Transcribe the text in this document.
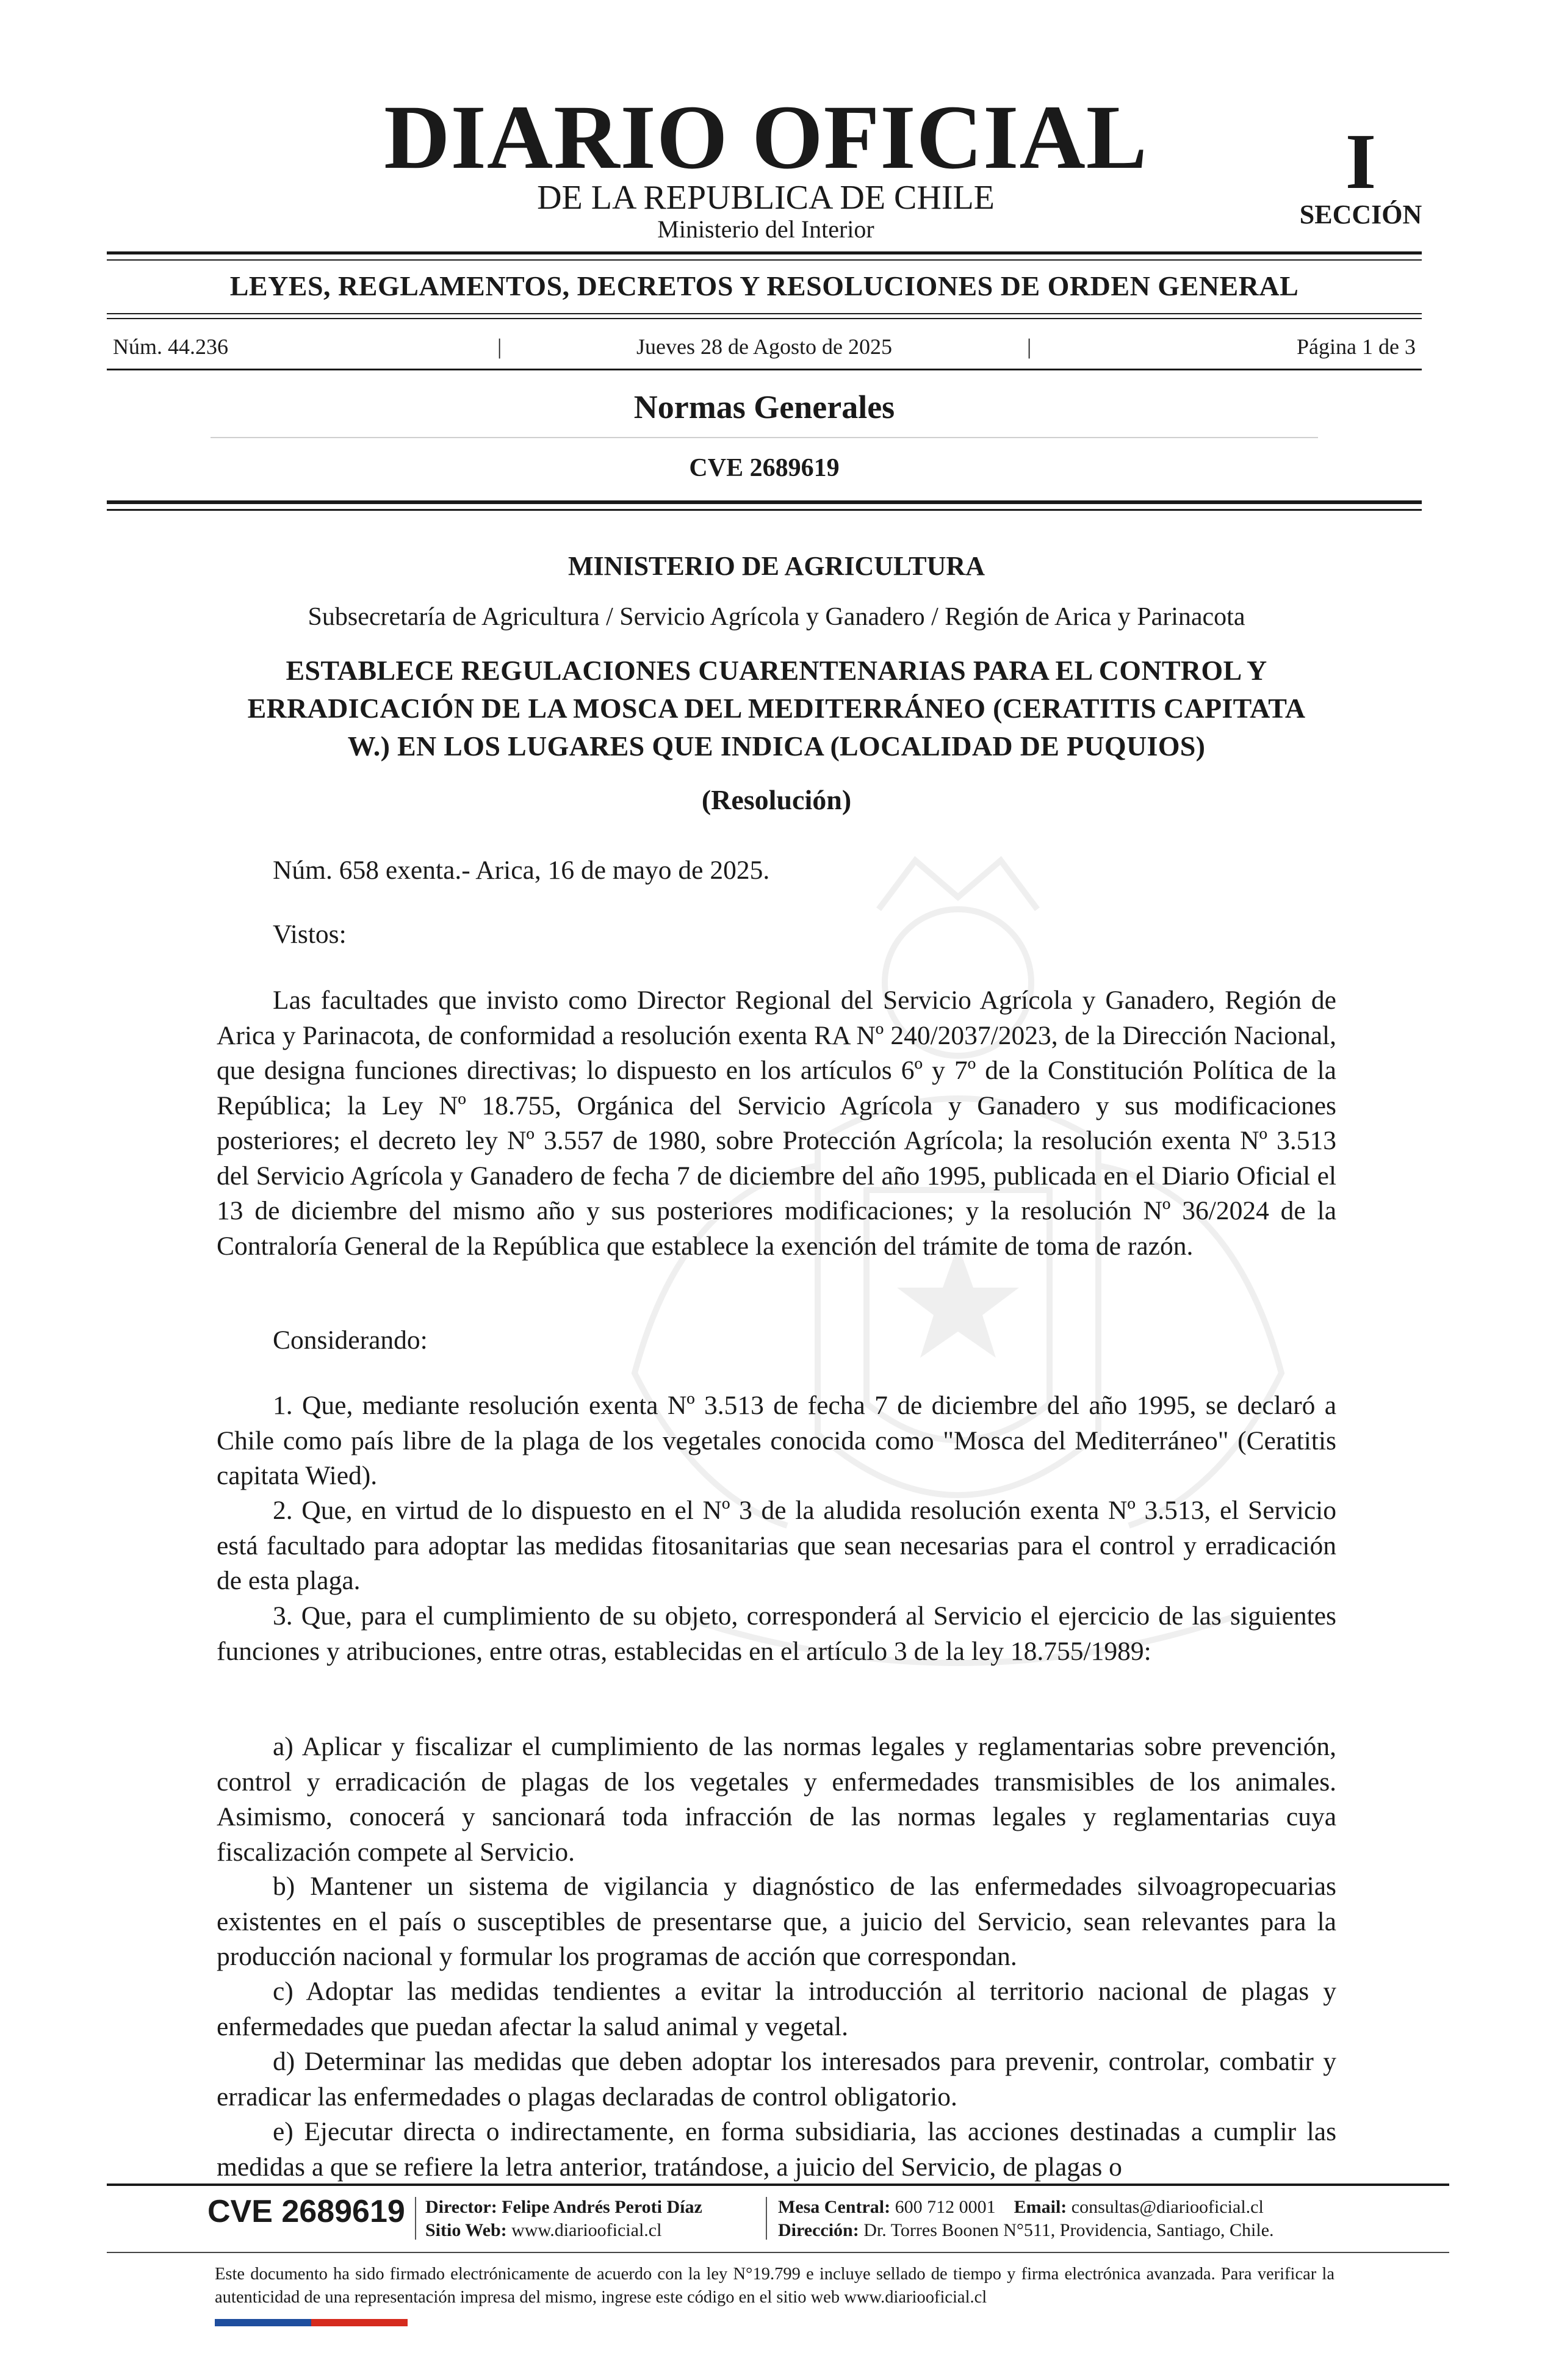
DIARIO OFICIAL
DE LA REPUBLICA DE CHILE
Ministerio del Interior
I
SECCIÓN
LEYES, REGLAMENTOS, DECRETOS Y RESOLUCIONES DE ORDEN GENERAL
Núm. 44.236	|	Jueves 28 de Agosto de 2025	|	Página 1 de 3
Normas Generales
CVE 2689619
MINISTERIO DE AGRICULTURA
Subsecretaría de Agricultura / Servicio Agrícola y Ganadero / Región de Arica y Parinacota
ESTABLECE REGULACIONES CUARENTENARIAS PARA EL CONTROL Y
ERRADICACIÓN DE LA MOSCA DEL MEDITERRÁNEO (CERATITIS CAPITATA
W.) EN LOS LUGARES QUE INDICA (LOCALIDAD DE PUQUIOS)
(Resolución)

Núm. 658 exenta.- Arica, 16 de mayo de 2025.

Vistos:

Las facultades que invisto como Director Regional del Servicio Agrícola y Ganadero, Región de Arica y Parinacota, de conformidad a resolución exenta RA Nº 240/2037/2023, de la Dirección Nacional, que designa funciones directivas; lo dispuesto en los artículos 6º y 7º de la Constitución Política de la República; la Ley Nº 18.755, Orgánica del Servicio Agrícola y Ganadero y sus modificaciones posteriores; el decreto ley Nº 3.557 de 1980, sobre Protección Agrícola; la resolución exenta Nº 3.513 del Servicio Agrícola y Ganadero de fecha 7 de diciembre del año 1995, publicada en el Diario Oficial el 13 de diciembre del mismo año y sus posteriores modificaciones; y la resolución Nº 36/2024 de la Contraloría General de la República que establece la exención del trámite de toma de razón.

Considerando:

1. Que, mediante resolución exenta Nº 3.513 de fecha 7 de diciembre del año 1995, se declaró a Chile como país libre de la plaga de los vegetales conocida como "Mosca del Mediterráneo" (Ceratitis capitata Wied).

2. Que, en virtud de lo dispuesto en el Nº 3 de la aludida resolución exenta Nº 3.513, el Servicio está facultado para adoptar las medidas fitosanitarias que sean necesarias para el control y erradicación de esta plaga.

3. Que, para el cumplimiento de su objeto, corresponderá al Servicio el ejercicio de las siguientes funciones y atribuciones, entre otras, establecidas en el artículo 3 de la ley 18.755/1989:

a) Aplicar y fiscalizar el cumplimiento de las normas legales y reglamentarias sobre prevención, control y erradicación de plagas de los vegetales y enfermedades transmisibles de los animales. Asimismo, conocerá y sancionará toda infracción de las normas legales y reglamentarias cuya fiscalización compete al Servicio.

b) Mantener un sistema de vigilancia y diagnóstico de las enfermedades silvoagropecuarias existentes en el país o susceptibles de presentarse que, a juicio del Servicio, sean relevantes para la producción nacional y formular los programas de acción que correspondan.

c) Adoptar las medidas tendientes a evitar la introducción al territorio nacional de plagas y enfermedades que puedan afectar la salud animal y vegetal.

d) Determinar las medidas que deben adoptar los interesados para prevenir, controlar, combatir y erradicar las enfermedades o plagas declaradas de control obligatorio.

e) Ejecutar directa o indirectamente, en forma subsidiaria, las acciones destinadas a cumplir las medidas a que se refiere la letra anterior, tratándose, a juicio del Servicio, de plagas o

CVE 2689619 Director: Felipe Andrés Peroti Díaz
Sitio Web: www.diariooficial.cl
Mesa Central: 600 712 0001 Email: consultas@diariooficial.cl
Dirección: Dr. Torres Boonen N°511, Providencia, Santiago, Chile.
Este documento ha sido firmado electrónicamente de acuerdo con la ley N°19.799 e incluye sellado de tiempo y firma electrónica avanzada. Para verificar la autenticidad de una representación impresa del mismo, ingrese este código en el sitio web www.diariooficial.cl
